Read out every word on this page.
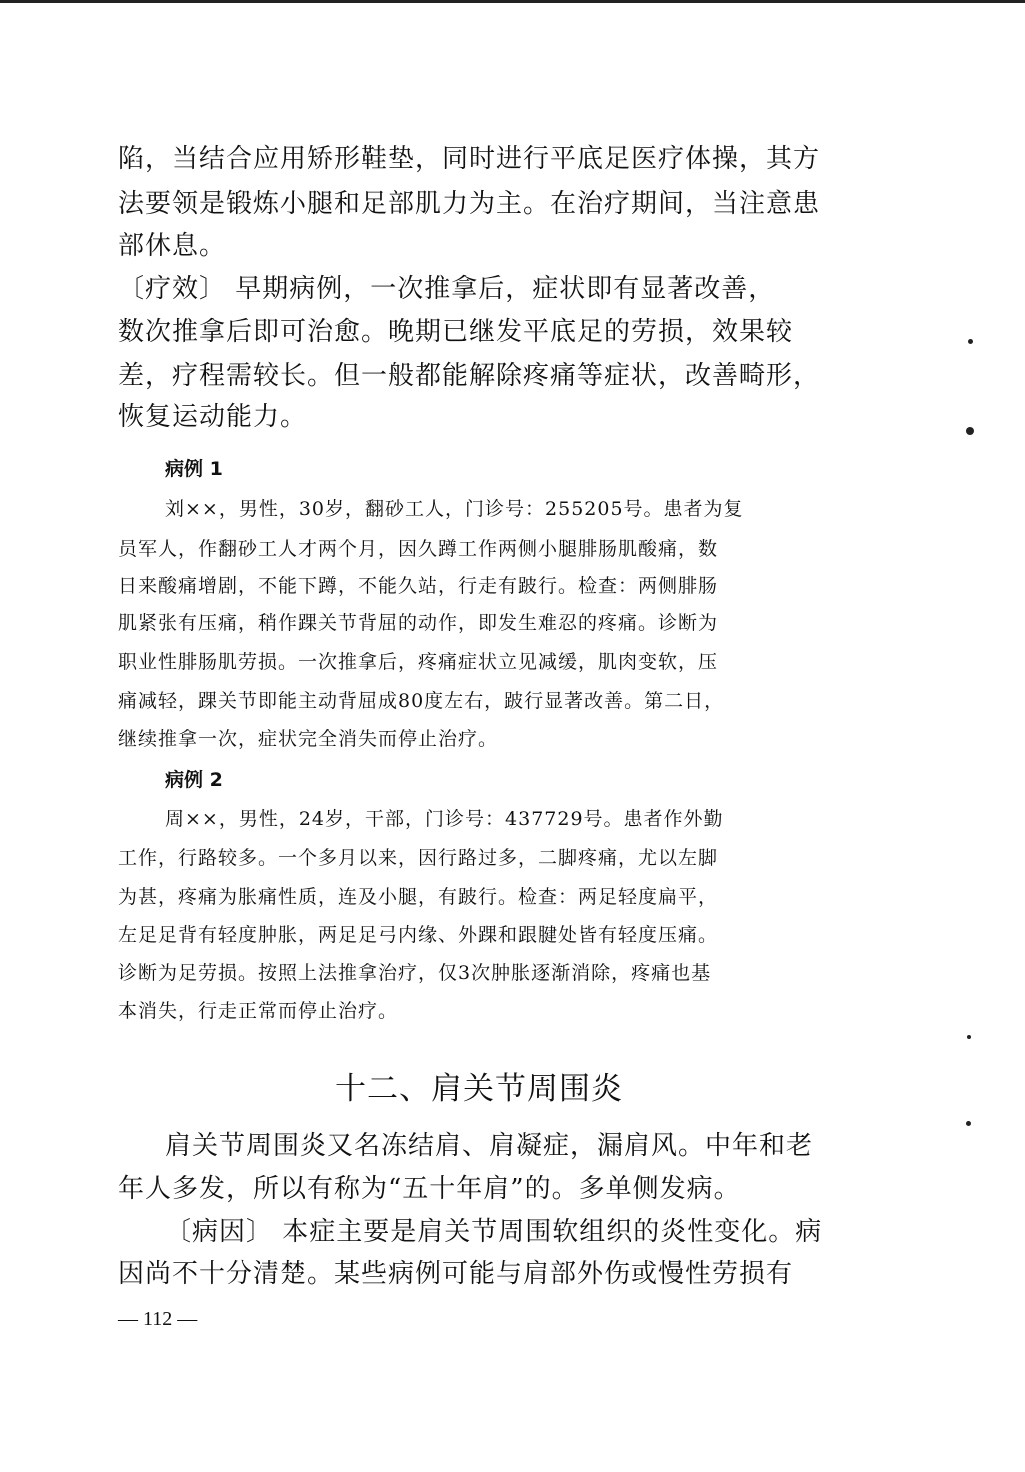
陷，当结合应用矫形鞋垫，同时进行平底足医疗体操，其方
法要领是锻炼小腿和足部肌力为主。在治疗期间，当注意患
部休息。
〔疗效〕 早期病例，一次推拿后，症状即有显著改善，
数次推拿后即可治愈。晚期已继发平底足的劳损，效果较
差，疗程需较长。但一般都能解除疼痛等症状，改善畸形，
恢复运动能力。
病例 1
刘××，男性，30岁，翻砂工人，门诊号：255205号。患者为复
员军人，作翻砂工人才两个月，因久蹲工作两侧小腿腓肠肌酸痛，数
日来酸痛增剧，不能下蹲，不能久站，行走有跛行。检查：两侧腓肠
肌紧张有压痛，稍作踝关节背屈的动作，即发生难忍的疼痛。诊断为
职业性腓肠肌劳损。一次推拿后，疼痛症状立见减缓，肌肉变软，压
痛减轻，踝关节即能主动背屈成80度左右，跛行显著改善。第二日，
继续推拿一次，症状完全消失而停止治疗。
病例 2
周××，男性，24岁，干部，门诊号：437729号。患者作外勤
工作，行路较多。一个多月以来，因行路过多，二脚疼痛，尤以左脚
为甚，疼痛为胀痛性质，连及小腿，有跛行。检查：两足轻度扁平，
左足足背有轻度肿胀，两足足弓内缘、外踝和跟腱处皆有轻度压痛。
诊断为足劳损。按照上法推拿治疗，仅3次肿胀逐渐消除，疼痛也基
本消失，行走正常而停止治疗。
十二、肩关节周围炎
肩关节周围炎又名冻结肩、肩凝症，漏肩风。中年和老
年人多发，所以有称为“五十年肩”的。多单侧发病。
〔病因〕 本症主要是肩关节周围软组织的炎性变化。病
因尚不十分清楚。某些病例可能与肩部外伤或慢性劳损有
— 112 —
